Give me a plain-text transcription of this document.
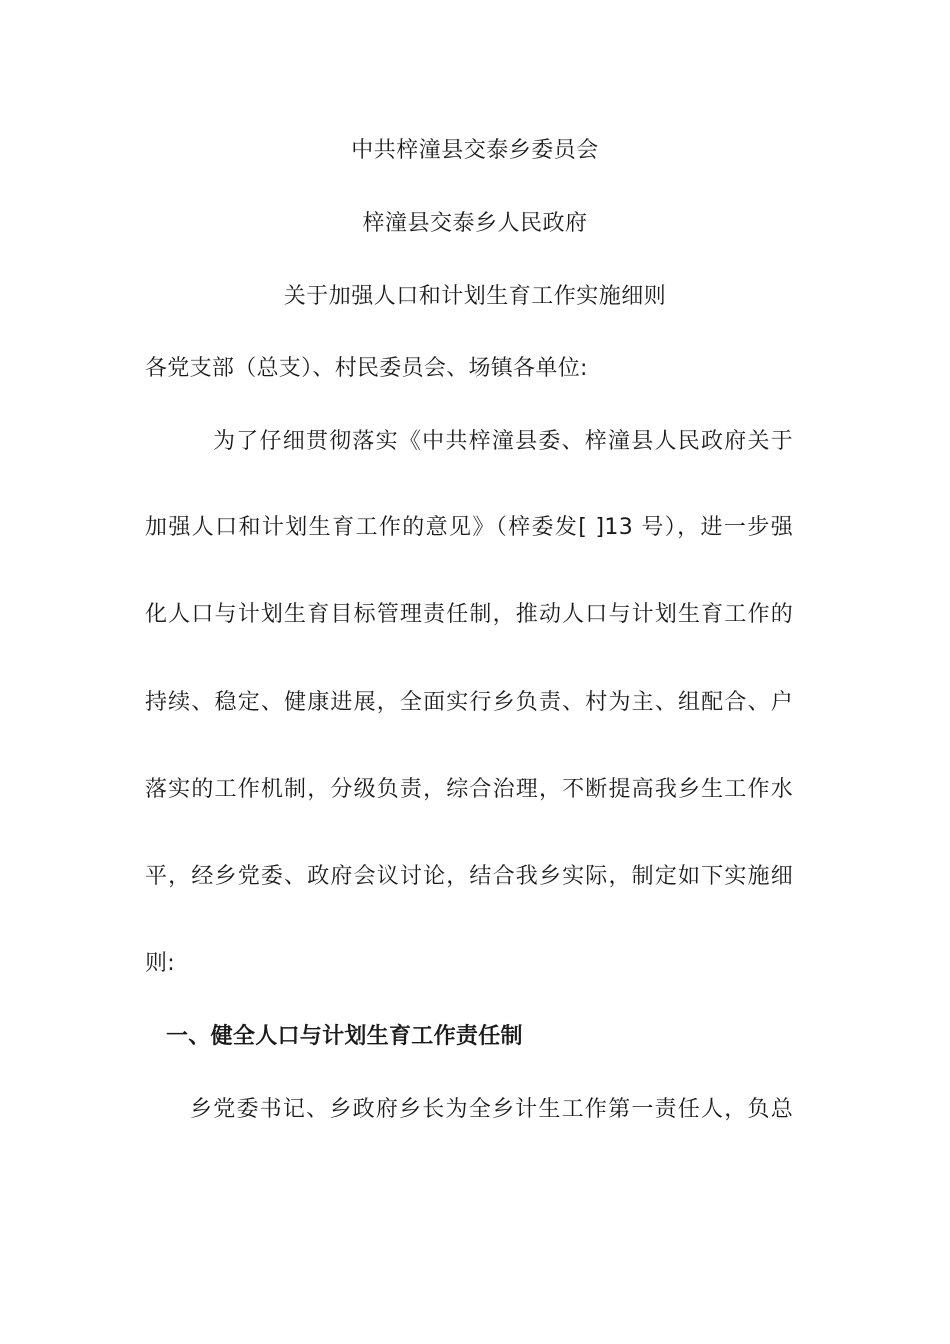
中共梓潼县交泰乡委员会
梓潼县交泰乡人民政府
关于加强人口和计划生育工作实施细则
各党支部（总支）、村民委员会、场镇各单位:
为了仔细贯彻落实《中共梓潼县委、梓潼县人民政府关于
加强人口和计划生育工作的意见》（梓委发[ ]13 号），进一步强
化人口与计划生育目标管理责任制，推动人口与计划生育工作的
持续、稳定、健康进展，全面实行乡负责、村为主、组配合、户
落实的工作机制，分级负责，综合治理，不断提高我乡生工作水
平，经乡党委、政府会议讨论，结合我乡实际，制定如下实施细
则:
一、健全人口与计划生育工作责任制
乡党委书记、乡政府乡长为全乡计生工作第一责任人，负总
